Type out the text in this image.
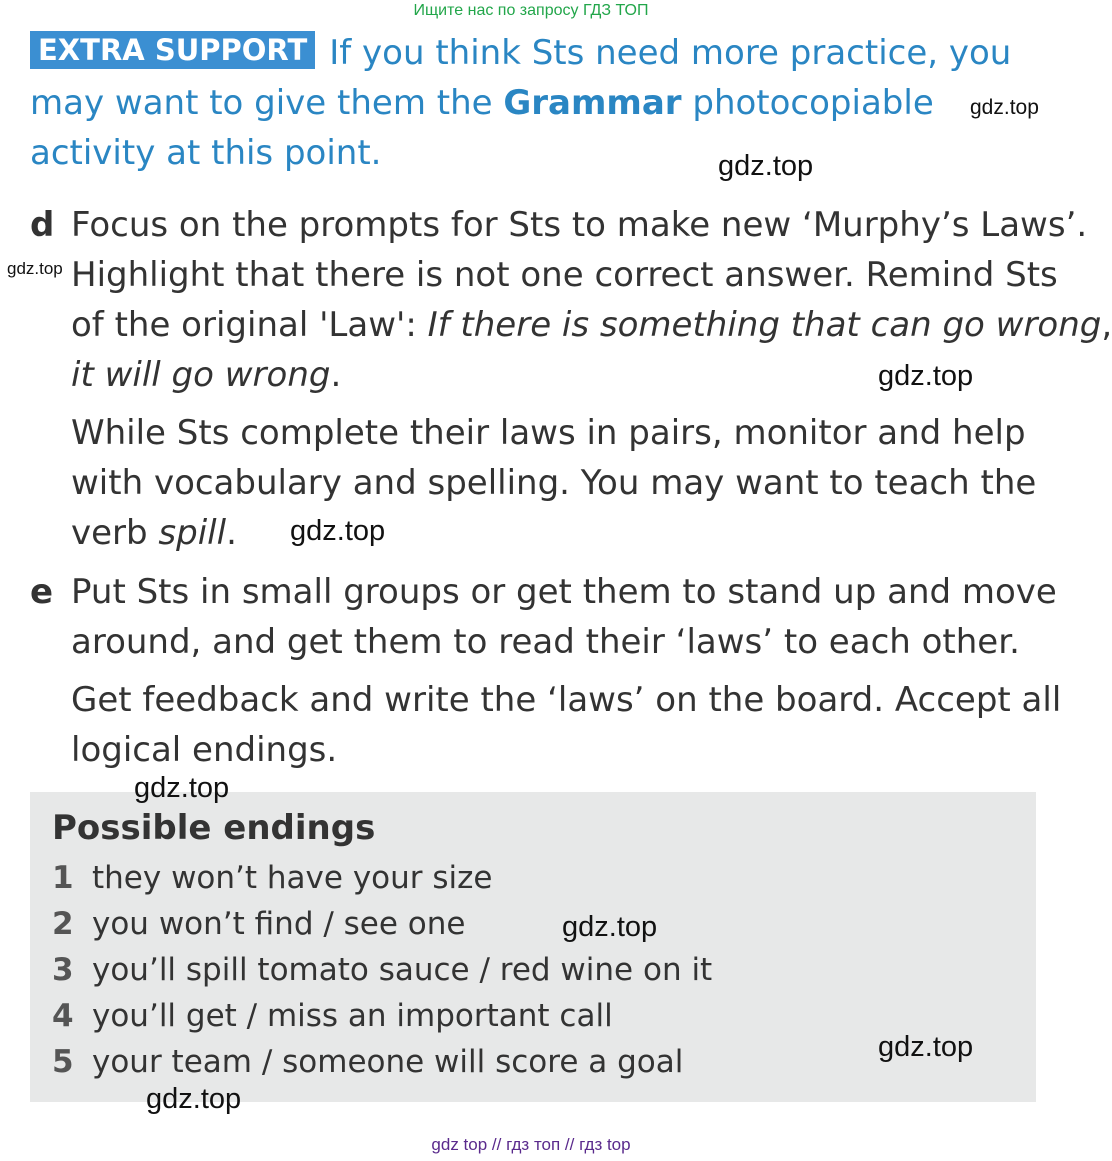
Ищите нас по запросу ГДЗ ТОП
EXTRA SUPPORT If you think Sts need more practice, you
may want to give them the Grammar photocopiable
activity at this point.
d Focus on the prompts for Sts to make new ‘Murphy’s Laws’.
Highlight that there is not one correct answer. Remind Sts
of the original 'Law': If there is something that can go wrong,
it will go wrong.
While Sts complete their laws in pairs, monitor and help
with vocabulary and spelling. You may want to teach the
verb spill.
e Put Sts in small groups or get them to stand up and move
around, and get them to read their ‘laws’ to each other.
Get feedback and write the ‘laws’ on the board. Accept all
logical endings.
Possible endings
1 they won’t have your size
2 you won’t find / see one
3 you’ll spill tomato sauce / red wine on it
4 you’ll get / miss an important call
5 your team / someone will score a goal
gdz.top
gdz.top
gdz.top
gdz.top
gdz.top
gdz.top
gdz.top
gdz.top
gdz.top
gdz top // гдз топ // гдз top
